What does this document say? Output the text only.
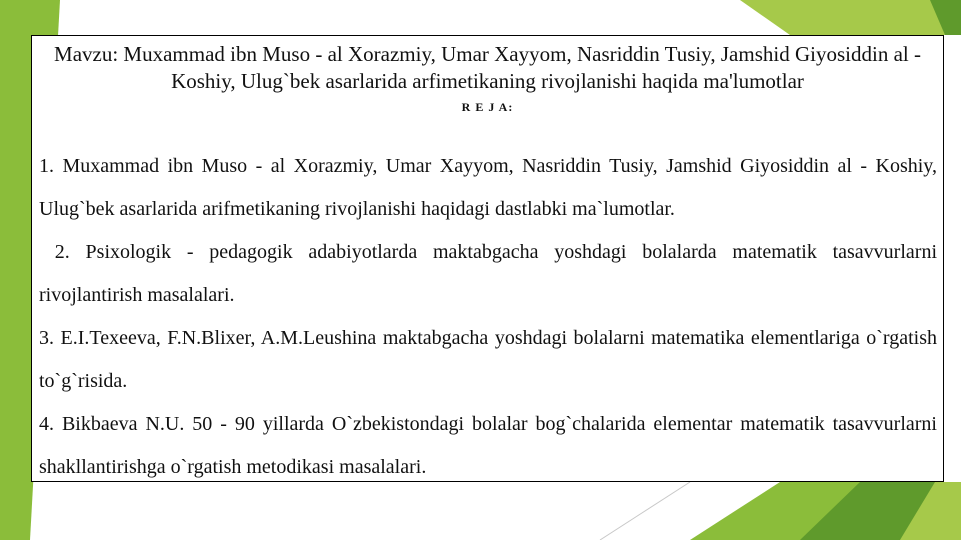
Mavzu: Muxammad ibn Muso - al Xorazmiy, Umar Xayyom, Nasriddin Tusiy, Jamshid Giyosiddin al - Koshiy, Ulug`bek asarlarida arfimetikaning rivojlanishi haqida ma'lumotlar
R E J A:

1. Muxammad ibn Muso - al Xorazmiy, Umar Xayyom, Nasriddin Tusiy, Jamshid Giyosiddin al - Koshiy, Ulug`bek asarlarida arifmetikaning rivojlanishi haqidagi dastlabki ma`lumotlar.

2. Psixologik - pedagogik adabiyotlarda maktabgacha yoshdagi bolalarda matematik tasavvurlarni rivojlantirish masalalari.

3. E.I.Texeeva, F.N.Blixer, A.M.Leushina maktabgacha yoshdagi bolalarni matematika elementlariga o`rgatish to`g`risida.

4. Bikbaeva N.U. 50 - 90 yillarda O`zbekistondagi bolalar bog`chalarida elementar matematik tasavvurlarni shakllantirishga o`rgatish metodikasi masalalari.
